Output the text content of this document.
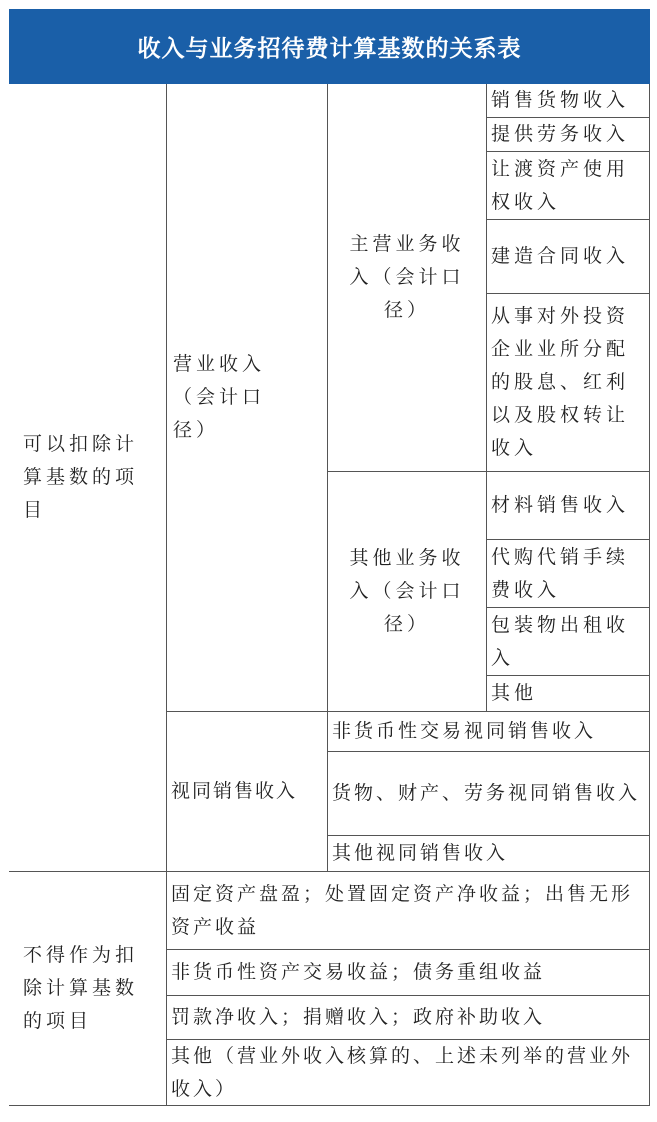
收入与业务招待费计算基数的关系表
可以扣除计算基数的项目
不得作为扣除计算基数的项目
营业收入（会计口径）
视同销售收入
主营业务收入（会计口径）
其他业务收入（会计口径）
销售货物收入
提供劳务收入
让渡资产使用权收入
建造合同收入
从事对外投资企业业所分配的股息、红利以及股权转让收入
材料销售收入
代购代销手续费收入
包装物出租收入
其他
非货币性交易视同销售收入
货物、财产、劳务视同销售收入
其他视同销售收入
固定资产盘盈；处置固定资产净收益；出售无形资产收益
非货币性资产交易收益；债务重组收益
罚款净收入；捐赠收入；政府补助收入
其他（营业外收入核算的、上述未列举的营业外收入）
